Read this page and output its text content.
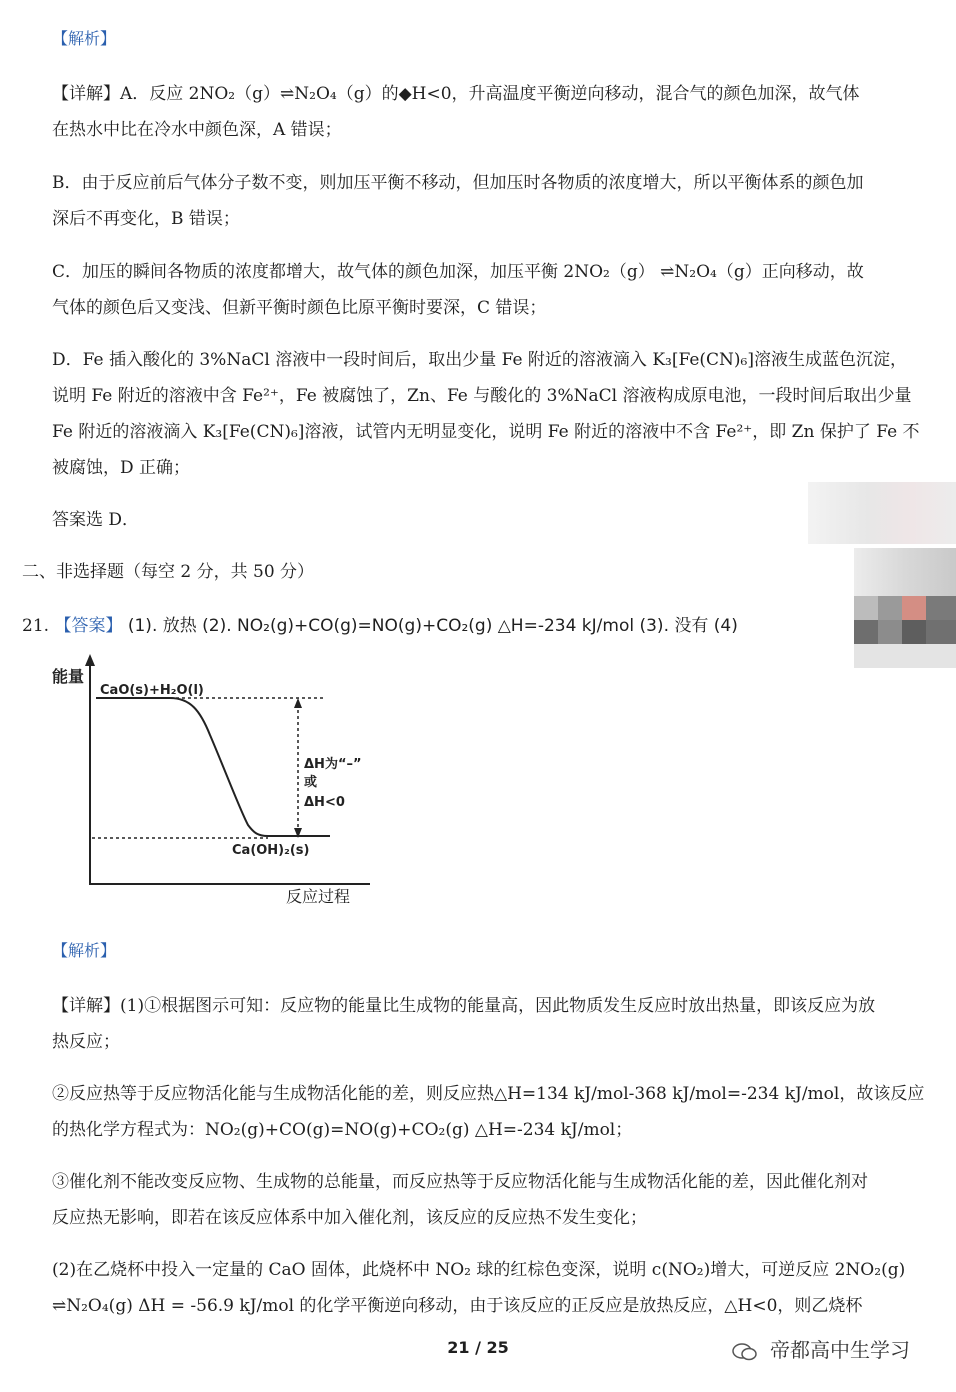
【解析】

【详解】A．反应 2NO₂（g）⇌N₂O₄（g）的◆H<0，升高温度平衡逆向移动，混合气的颜色加深，故气体

在热水中比在冷水中颜色深，A 错误；

B．由于反应前后气体分子数不变，则加压平衡不移动，但加压时各物质的浓度增大，所以平衡体系的颜色加

深后不再变化，B 错误；

C．加压的瞬间各物质的浓度都增大，故气体的颜色加深，加压平衡 2NO₂（g） ⇌N₂O₄（g）正向移动，故

气体的颜色后又变浅、但新平衡时颜色比原平衡时要深，C 错误；

D．Fe 插入酸化的 3%NaCl 溶液中一段时间后，取出少量 Fe 附近的溶液滴入 K₃[Fe(CN)₆]溶液生成蓝色沉淀，

说明 Fe 附近的溶液中含 Fe²⁺，Fe 被腐蚀了，Zn、Fe 与酸化的 3%NaCl 溶液构成原电池，一段时间后取出少量

Fe 附近的溶液滴入 K₃[Fe(CN)₆]溶液，试管内无明显变化，说明 Fe 附近的溶液中不含 Fe²⁺，即 Zn 保护了 Fe 不

被腐蚀，D 正确；

答案选 D．

二、非选择题（每空 2 分，共 50 分）
21. 【答案】 (1). 放热 (2). NO₂(g)+CO(g)=NO(g)+CO₂(g) △H=-234 kJ/mol (3). 没有 (4)
能量
反应过程
CaO(s)+H₂O(l)
Ca(OH)₂(s)
ΔH为“–”
或
ΔH<0
【解析】

【详解】(1)①根据图示可知：反应物的能量比生成物的能量高，因此物质发生反应时放出热量，即该反应为放

热反应；

②反应热等于反应物活化能与生成物活化能的差，则反应热△H=134 kJ/mol-368 kJ/mol=-234 kJ/mol，故该反应

的热化学方程式为：NO₂(g)+CO(g)=NO(g)+CO₂(g) △H=-234 kJ/mol；

③催化剂不能改变反应物、生成物的总能量，而反应热等于反应物活化能与生成物活化能的差，因此催化剂对

反应热无影响，即若在该反应体系中加入催化剂，该反应的反应热不发生变化；

(2)在乙烧杯中投入一定量的 CaO 固体，此烧杯中 NO₂ 球的红棕色变深，说明 c(NO₂)增大，可逆反应 2NO₂(g)

⇌N₂O₄(g) ΔH = -56.9 kJ/mol 的化学平衡逆向移动，由于该反应的正反应是放热反应，△H<0，则乙烧杯

21 / 25	帝都高中生学习
